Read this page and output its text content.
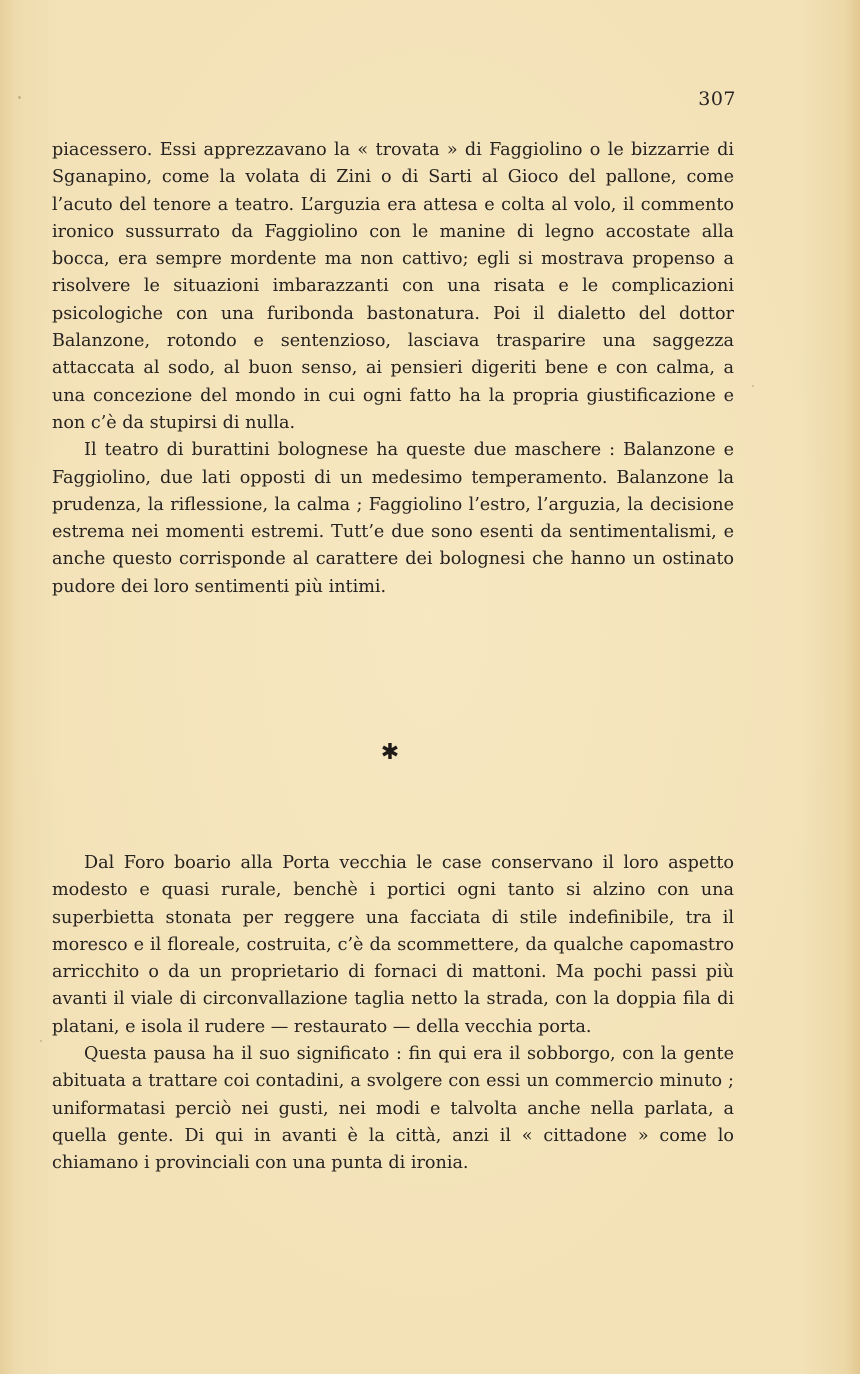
307

piacessero. Essi apprezzavano la « trovata » di Faggiolino o le bizzarrie di Sganapino, come la volata di Zini o di Sarti al Gioco del pallone, come l’acuto del tenore a teatro. L’arguzia era attesa e colta al volo, il commento ironico sussurrato da Faggiolino con le manine di legno accostate alla bocca, era sempre mordente ma non cattivo; egli si mostrava propenso a risolvere le situazioni imbarazzanti con una risata e le complicazioni psicologiche con una furibonda bastonatura. Poi il dialetto del dottor Balanzone, rotondo e sentenzioso, lasciava trasparire una saggezza attaccata al sodo, al buon senso, ai pensieri digeriti bene e con calma, a una concezione del mondo in cui ogni fatto ha la propria giustificazione e non c’è da stupirsi di nulla.

Il teatro di burattini bolognese ha queste due maschere : Balanzone e Faggiolino, due lati opposti di un medesimo temperamento. Balanzone la prudenza, la riflessione, la calma ; Faggiolino l’estro, l’arguzia, la decisione estrema nei momenti estremi. Tutt’e due sono esenti da sentimentalismi, e anche questo corrisponde al carattere dei bolognesi che hanno un ostinato pudore dei loro sentimenti più intimi.

✱

Dal Foro boario alla Porta vecchia le case conservano il loro aspetto modesto e quasi rurale, benchè i portici ogni tanto si alzino con una superbietta stonata per reggere una facciata di stile indefinibile, tra il moresco e il floreale, costruita, c’è da scommettere, da qualche capomastro arricchito o da un proprietario di fornaci di mattoni. Ma pochi passi più avanti il viale di circonvallazione taglia netto la strada, con la doppia fila di platani, e isola il rudere — restaurato — della vecchia porta.

Questa pausa ha il suo significato : fin qui era il sobborgo, con la gente abituata a trattare coi contadini, a svolgere con essi un commercio minuto ; uniformatasi perciò nei gusti, nei modi e talvolta anche nella parlata, a quella gente. Di qui in avanti è la città, anzi il « cittadone » come lo chiamano i provinciali con una punta di ironia.
